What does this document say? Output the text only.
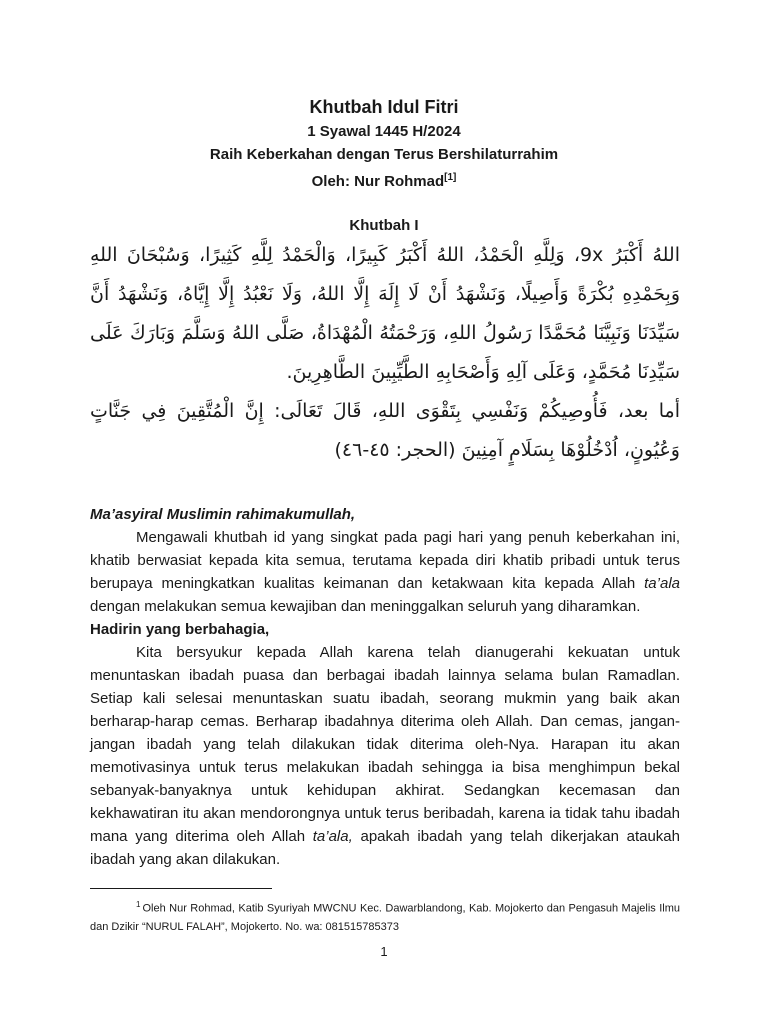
Khutbah Idul Fitri
1 Syawal 1445 H/2024
Raih Keberkahan dengan Terus Bershilaturrahim
Oleh: Nur Rohmad[1]
Khutbah I
اللهُ أَكْبَرُ 9x، وَلِلَّهِ الْحَمْدُ، اللهُ أَكْبَرُ كَبِيرًا، وَالْحَمْدُ لِلَّهِ كَثِيرًا، وَسُبْحَانَ اللهِ وَبِحَمْدِهِ بُكْرَةً وَأَصِيلًا، وَنَشْهَدُ أَنْ لَا إِلَهَ إِلَّا اللهُ، وَلَا نَعْبُدُ إِلَّا إِيَّاهُ، وَنَشْهَدُ أَنَّ سَيِّدَنَا وَنَبِيَّنَا مُحَمَّدًا رَسُولُ اللهِ، وَرَحْمَتُهُ الْمُهْدَاةُ، صَلَّى اللهُ وَسَلَّمَ وَبَارَكَ عَلَى سَيِّدِنَا مُحَمَّدٍ، وَعَلَى آلِهِ وَأَصْحَابِهِ الطَّيِّبِينَ الطَّاهِرِينَ.
أما بعد، فَأُوصِيكُمْ وَنَفْسِي بِتَقْوَى اللهِ، قَالَ تَعَالَى: إِنَّ الْمُتَّقِينَ فِي جَنَّاتٍ وَعُيُونٍ، اُدْخُلُوْهَا بِسَلَامٍ آمِنِينَ (الحجر: ٤٥-٤٦)

Ma’asyiral Muslimin rahimakumullah,

Mengawali khutbah id yang singkat pada pagi hari yang penuh keberkahan ini, khatib berwasiat kepada kita semua, terutama kepada diri khatib pribadi untuk terus berupaya meningkatkan kualitas keimanan dan ketakwaan kita kepada Allah ta’ala dengan melakukan semua kewajiban dan meninggalkan seluruh yang diharamkan.

Hadirin yang berbahagia,

Kita bersyukur kepada Allah karena telah dianugerahi kekuatan untuk menuntaskan ibadah puasa dan berbagai ibadah lainnya selama bulan Ramadlan. Setiap kali selesai menuntaskan suatu ibadah, seorang mukmin yang baik akan berharap-harap cemas. Berharap ibadahnya diterima oleh Allah. Dan cemas, jangan-jangan ibadah yang telah dilakukan tidak diterima oleh-Nya. Harapan itu akan memotivasinya untuk terus melakukan ibadah sehingga ia bisa menghimpun bekal sebanyak-banyaknya untuk kehidupan akhirat. Sedangkan kecemasan dan kekhawatiran itu akan mendorongnya untuk terus beribadah, karena ia tidak tahu ibadah mana yang diterima oleh Allah ta’ala, apakah ibadah yang telah dikerjakan ataukah ibadah yang akan dilakukan.

$^1$ Oleh Nur Rohmad, Katib Syuriyah MWCNU Kec. Dawarblandong, Kab. Mojokerto dan Pengasuh Majelis Ilmu dan Dzikir “NURUL FALAH”, Mojokerto. No. wa: 081515785373
1
